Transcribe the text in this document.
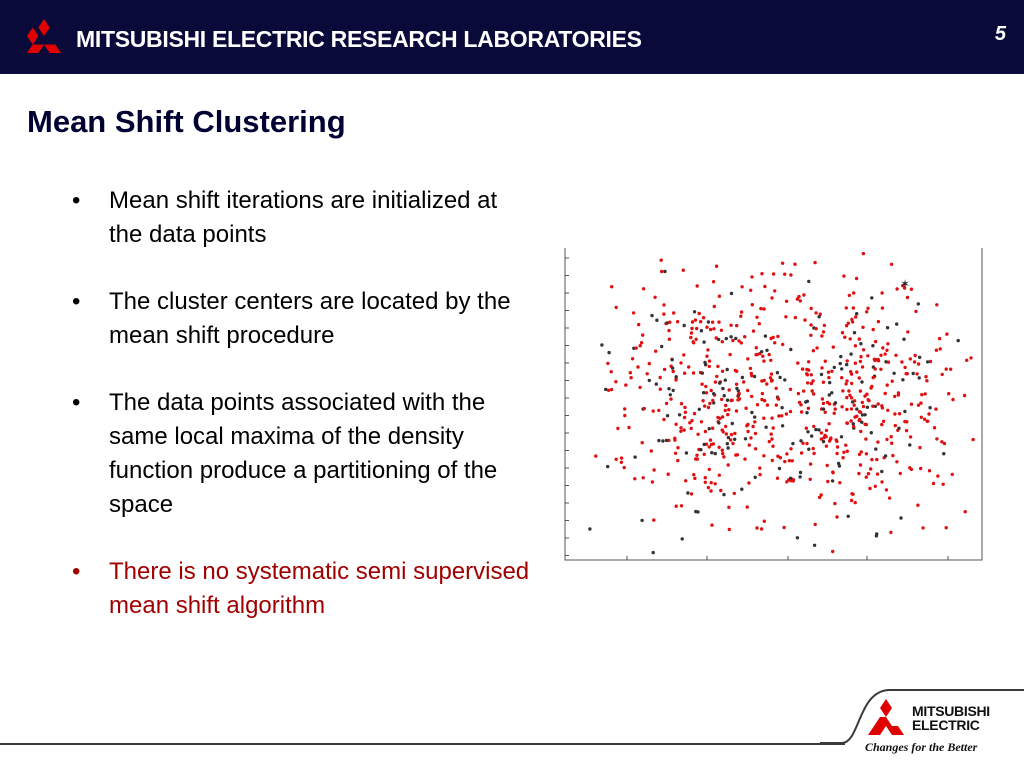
MITSUBISHI ELECTRIC RESEARCH LABORATORIES	5
Mean Shift Clustering
• Mean shift iterations are initialized at the data points
• The cluster centers are located by the mean shift procedure
• The data points associated with the same local maxima of the density function produce a partitioning of the space
• There is no systematic semi supervised mean shift algorithm
✶
MITSUBISHI
ELECTRIC
Changes for the Better
